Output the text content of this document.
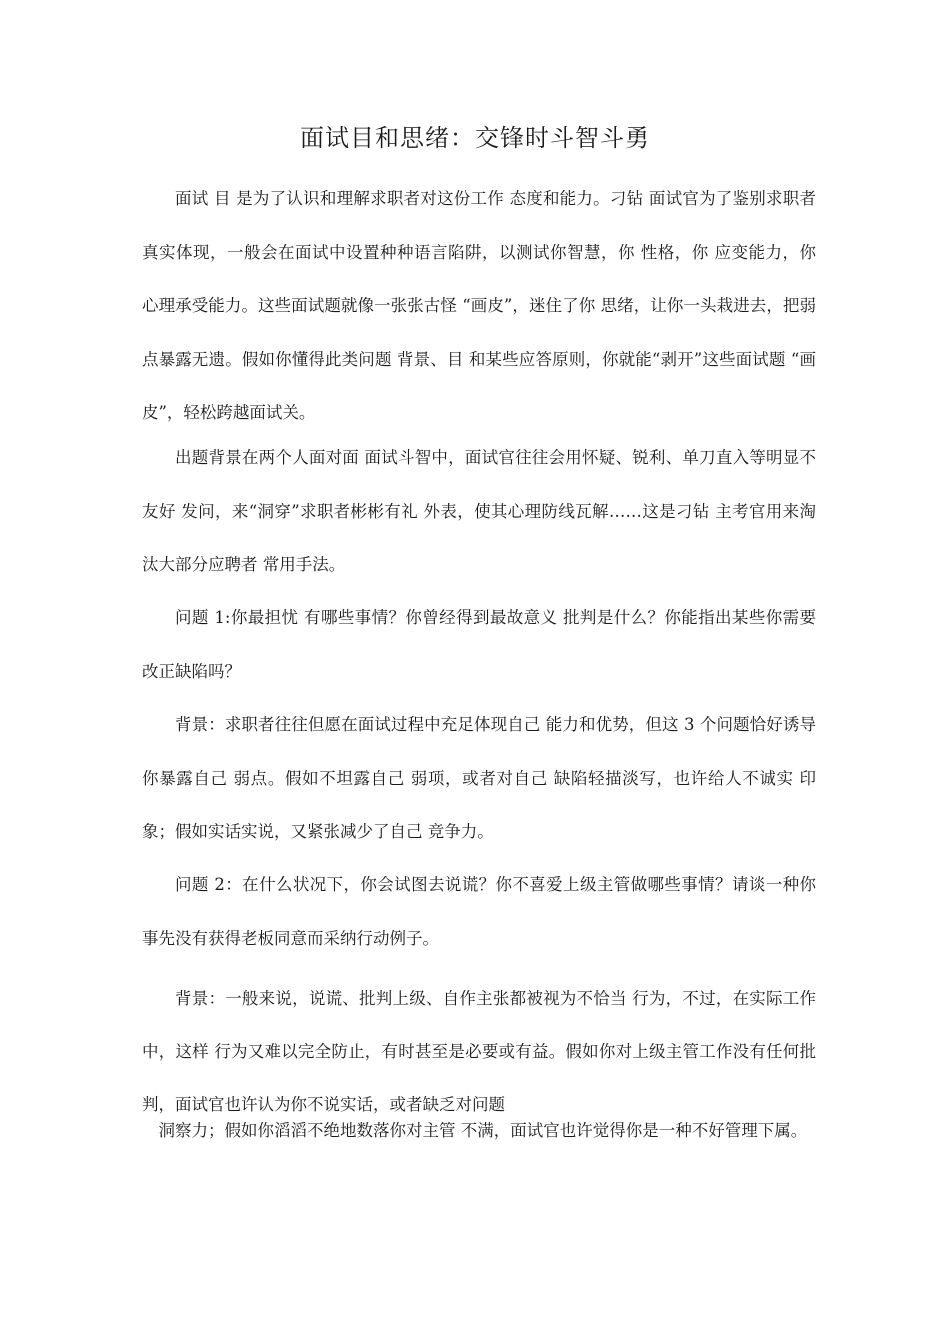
面试目和思绪：交锋时斗智斗勇

面试 目 是为了认识和理解求职者对这份工作 态度和能力。刁钻 面试官为了鉴别求职者 真实体现，一般会在面试中设置种种语言陷阱，以测试你智慧，你 性格，你 应变能力，你 心理承受能力。这些面试题就像一张张古怪 “画皮”，迷住了你 思绪，让你一头栽进去，把弱点暴露无遗。假如你懂得此类问题 背景、目 和某些应答原则，你就能“剥开”这些面试题 “画皮”，轻松跨越面试关。

出题背景在两个人面对面 面试斗智中，面试官往往会用怀疑、锐利、单刀直入等明显不友好 发问，来“洞穿”求职者彬彬有礼 外表，使其心理防线瓦解……这是刁钻 主考官用来淘汰大部分应聘者 常用手法。

问题 1:你最担忧 有哪些事情？你曾经得到最故意义 批判是什么？你能指出某些你需要改正缺陷吗？

背景：求职者往往但愿在面试过程中充足体现自己 能力和优势，但这 3 个问题恰好诱导你暴露自己 弱点。假如不坦露自己 弱项，或者对自己 缺陷轻描淡写，也许给人不诚实 印象；假如实话实说，又紧张减少了自己 竞争力。

问题 2：在什么状况下，你会试图去说谎？你不喜爱上级主管做哪些事情？请谈一种你事先没有获得老板同意而采纳行动例子。

背景：一般来说，说谎、批判上级、自作主张都被视为不恰当 行为，不过，在实际工作中，这样 行为又难以完全防止，有时甚至是必要或有益。假如你对上级主管工作没有任何批判，面试官也许认为你不说实话，或者缺乏对问题

洞察力；假如你滔滔不绝地数落你对主管 不满，面试官也许觉得你是一种不好管理下属。
